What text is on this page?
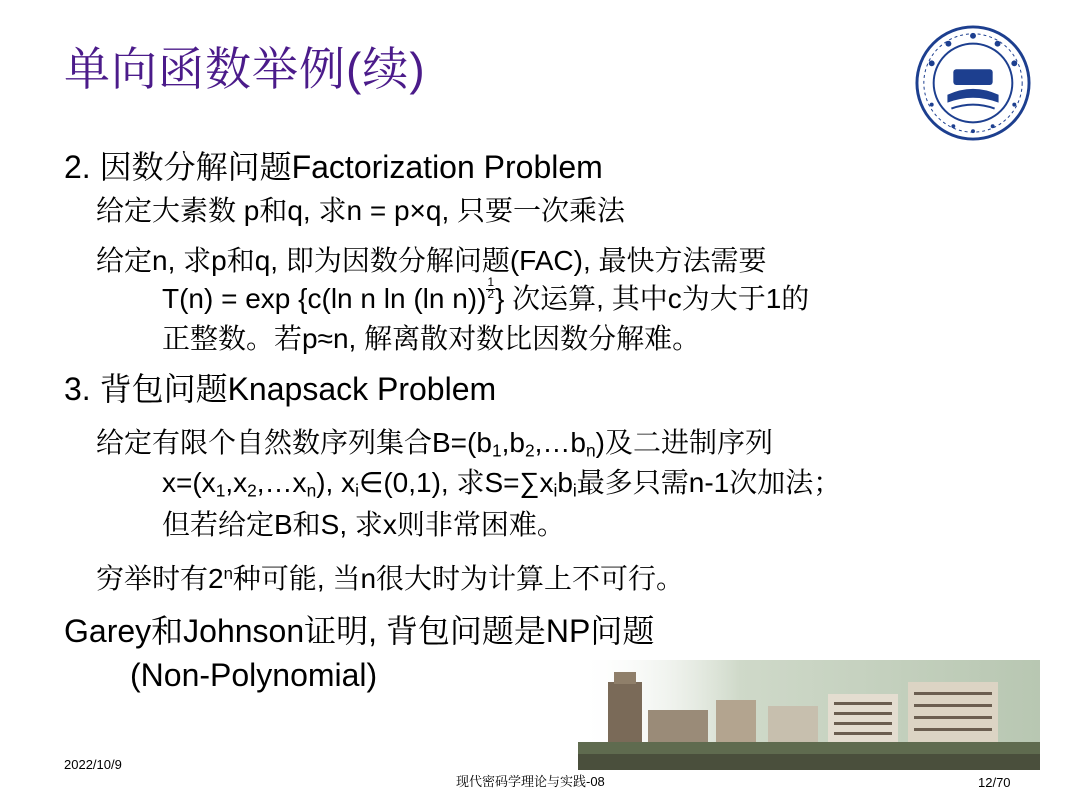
单向函数举例(续)
2. 因数分解问题Factorization Problem
给定大素数 p和q, 求n = p×q, 只要一次乘法
给定n, 求p和q, 即为因数分解问题(FAC), 最快方法需要
T(n) = exp {c(ln n ln (ln $n)) \frac{1}{2}$ } 次运算, 其中c为大于1的
正整数。若p≈n, 解离散对数比因数分解难。
3. 背包问题Knapsack Problem
给定有限个自然数序列集合$B=(b_1,b_2,\dots b_n)$及二进制序列
$x=(x_1,x_2,\dots x_n)$, $x_i\in(0,1)$, 求$S=\sum x_ib_i$最多只需n-1次加法；
但若给定B和S, 求x则非常困难。
穷举时有2$^n$种可能, 当n很大时为计算上不可行。
Garey和Johnson证明, 背包问题是NP问题
(Non-Polynomial)
2022/10/9
现代密码学理论与实践-08	12/70
